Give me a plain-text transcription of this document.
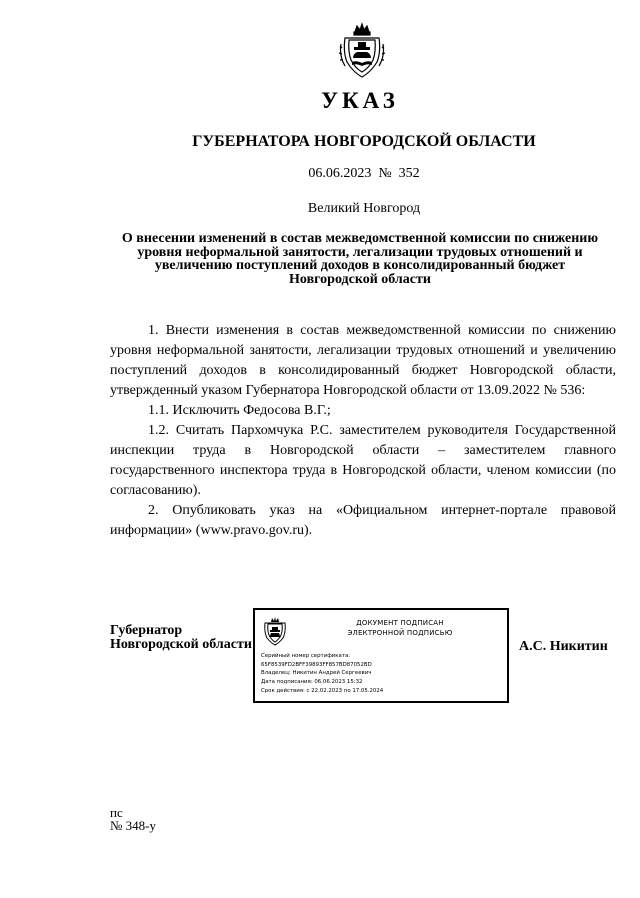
УКАЗ
ГУБЕРНАТОРА НОВГОРОДСКОЙ ОБЛАСТИ
06.06.2023 № 352
Великий Новгород
О внесении изменений в состав межведомственной комиссии по снижению
уровня неформальной занятости, легализации трудовых отношений и
увеличению поступлений доходов в консолидированный бюджет
Новгородской области

1. Внести изменения в состав межведомственной комиссии по снижению уровня неформальной занятости, легализации трудовых отношений и увеличению поступлений доходов в консолидированный бюджет Новгородской области, утвержденный указом Губернатора Новгородской области от 13.09.2022 № 536:

1.1. Исключить Федосова В.Г.;

1.2. Считать Пархомчука Р.С. заместителем руководителя Государственной инспекции труда в Новгородской области – заместителем главного государственного инспектора труда в Новгородской области, членом комиссии (по согласованию).

2. Опубликовать указ на «Официальном интернет-портале правовой информации» (www.pravo.gov.ru).

Губернатор
Новгородской области
ДОКУМЕНТ ПОДПИСАН
ЭЛЕКТРОННОЙ ПОДПИСЬЮ
Серийный номер сертификата:
65F8539FD2BFF39893FF857BD87052BD
Владелец: Никитин Андрей Сергеевич
Дата подписания: 06.06.2023 15:32
Срок действия: с 22.02.2023 по 17.05.2024
А.С. Никитин
пс
№ 348-у
